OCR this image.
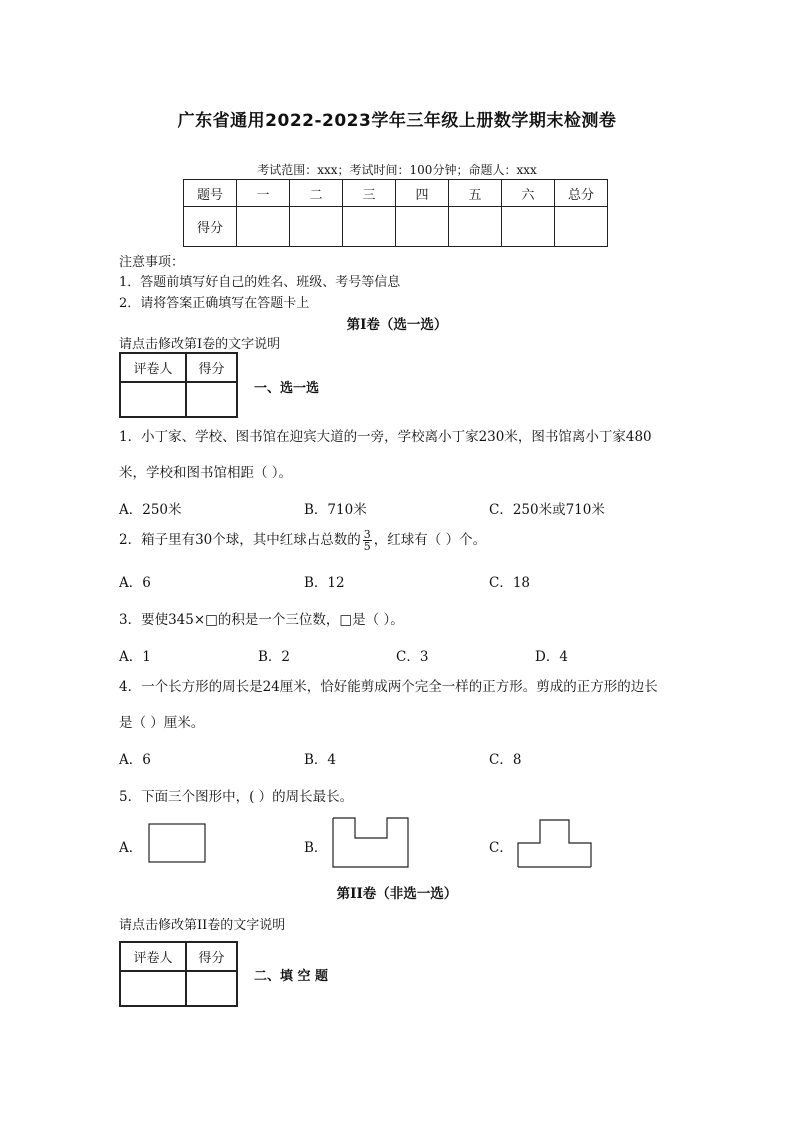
广东省通用2022-2023学年三年级上册数学期末检测卷
考试范围：xxx；考试时间：100分钟；命题人：xxx
题号	一	二	三	四	五	六	总分
得分							
注意事项：
1．答题前填写好自己的姓名、班级、考号等信息
2．请将答案正确填写在答题卡上
第I卷（选一选）
请点击修改第I卷的文字说明
评卷人	得分

一、选一选
1．小丁家、学校、图书馆在迎宾大道的一旁，学校离小丁家230米，图书馆离小丁家480
米，学校和图书馆相距（ ）。
A．250米	B．710米	C．250米或710米
2．箱子里有30个球，其中红球占总数的 $\frac{3}{5}$ ，红球有（ ）个。
A．6	B．12	C．18
3．要使345×□的积是一个三位数，□是（ ）。
A．1	B．2	C．3	D．4
4．一个长方形的周长是24厘米，恰好能剪成两个完全一样的正方形。剪成的正方形的边长
是（ ）厘米。
A．6	B．4	C．8
5．下面三个图形中，( ）的周长最长。
A．	B．	C．
第II卷（非选一选）
请点击修改第II卷的文字说明
评卷人	得分

二、填 空 题
